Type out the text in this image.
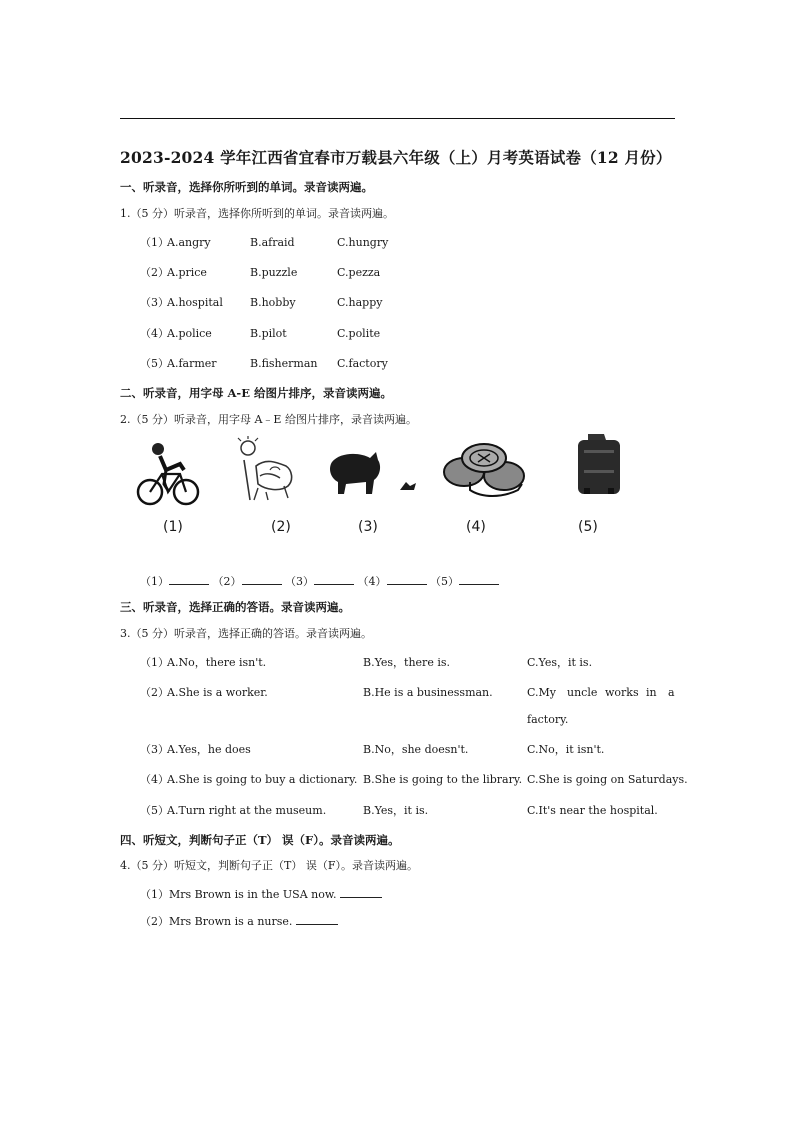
2023-2024 学年江西省宜春市万载县六年级（上）月考英语试卷（12 月份）
一、听录音，选择你所听到的单词。录音读两遍。
1.（5 分）听录音，选择你所听到的单词。录音读两遍。
（1）
A.angry	B.afraid	C.hungry
（2）
A.price	B.puzzle	C.pezza
（3）
A.hospital B.hobby	C.happy
（4）
A.police	B.pilot	C.polite
（5）
A.farmer	B.fisherman C.factory
二、听录音，用字母 A-E 给图片排序，录音读两遍。
2.（5 分）听录音，用字母 A﹣E 给图片排序，录音读两遍。
(1)	(2)	(3)	(4)	(5)
（1）	（2）	（3）	（4）	（5）
三、听录音，选择正确的答语。录音读两遍。
3.（5 分）听录音，选择正确的答语。录音读两遍。
（1）
A.No，there isn't.	B.Yes，there is.	C.Yes，it is.
（2）
A.She is a worker.	B.He is a businessman.	C.My uncle works in a
factory.
（3）
A.Yes，he does	B.No，she doesn't.	C.No，it isn't.
（4）
A.She is going to buy a dictionary. B.She is going to the library. C.She is going on Saturdays.
（5）
A.Turn right at the museum.	B.Yes，it is.	C.It's near the hospital.
四、听短文，判断句子正（T） 误（F）。录音读两遍。
4.（5 分）听短文，判断句子正（T） 误（F）。录音读两遍。
（1）Mrs Brown is in the USA now.
（2）Mrs Brown is a nurse.
